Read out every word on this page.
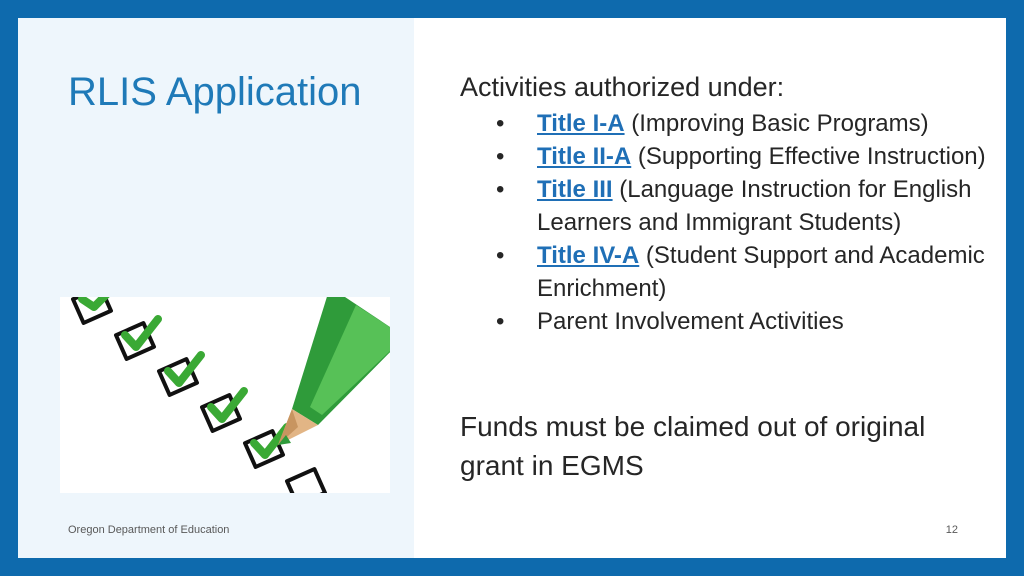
RLIS Application	Activities authorized under:

• Title I-A (Improving Basic Programs)
• Title II-A (Supporting Effective Instruction)
• Title III (Language Instruction for English Learners and Immigrant Students)
• Title IV-A (Student Support and Academic Enrichment)
• Parent Involvement Activities

Funds must be claimed out of original grant in EGMS

Oregon Department of Education	12
